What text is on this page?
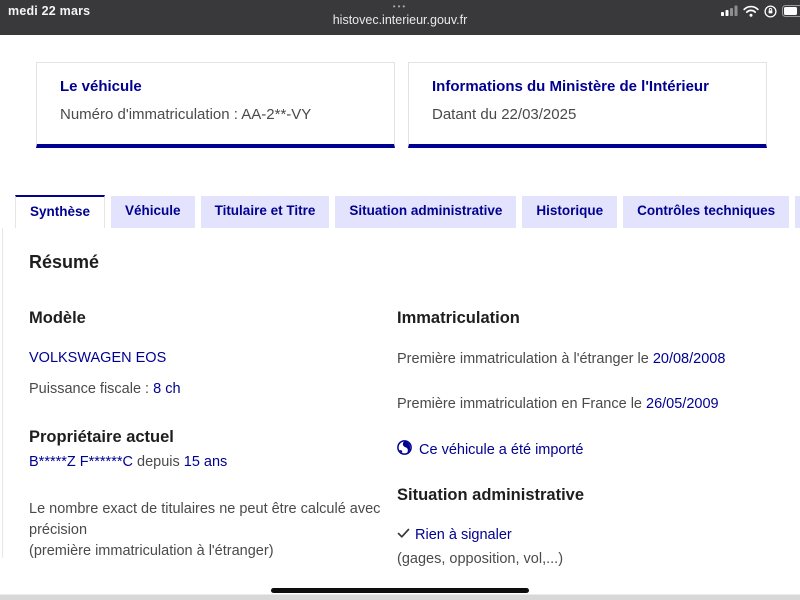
medi 22 mars	•••
histovec.interieur.gouv.fr
Le véhicule
Numéro d'immatriculation : AA-2**-VY
Informations du Ministère de l'Intérieur
Datant du 22/03/2025
Synthèse	Véhicule	Titulaire et Titre	Situation administrative	Historique	Contrôles techniques
Résumé
Modèle
VOLKSWAGEN EOS
Puissance fiscale : 8 ch
Propriétaire actuel
B*****Z F******C depuis 15 ans
Le nombre exact de titulaires ne peut être calculé avec précision
(première immatriculation à l'étranger)
Immatriculation
Première immatriculation à l'étranger le 20/08/2008
Première immatriculation en France le 26/05/2009
Ce véhicule a été importé
Situation administrative
Rien à signaler
(gages, opposition, vol,...)
